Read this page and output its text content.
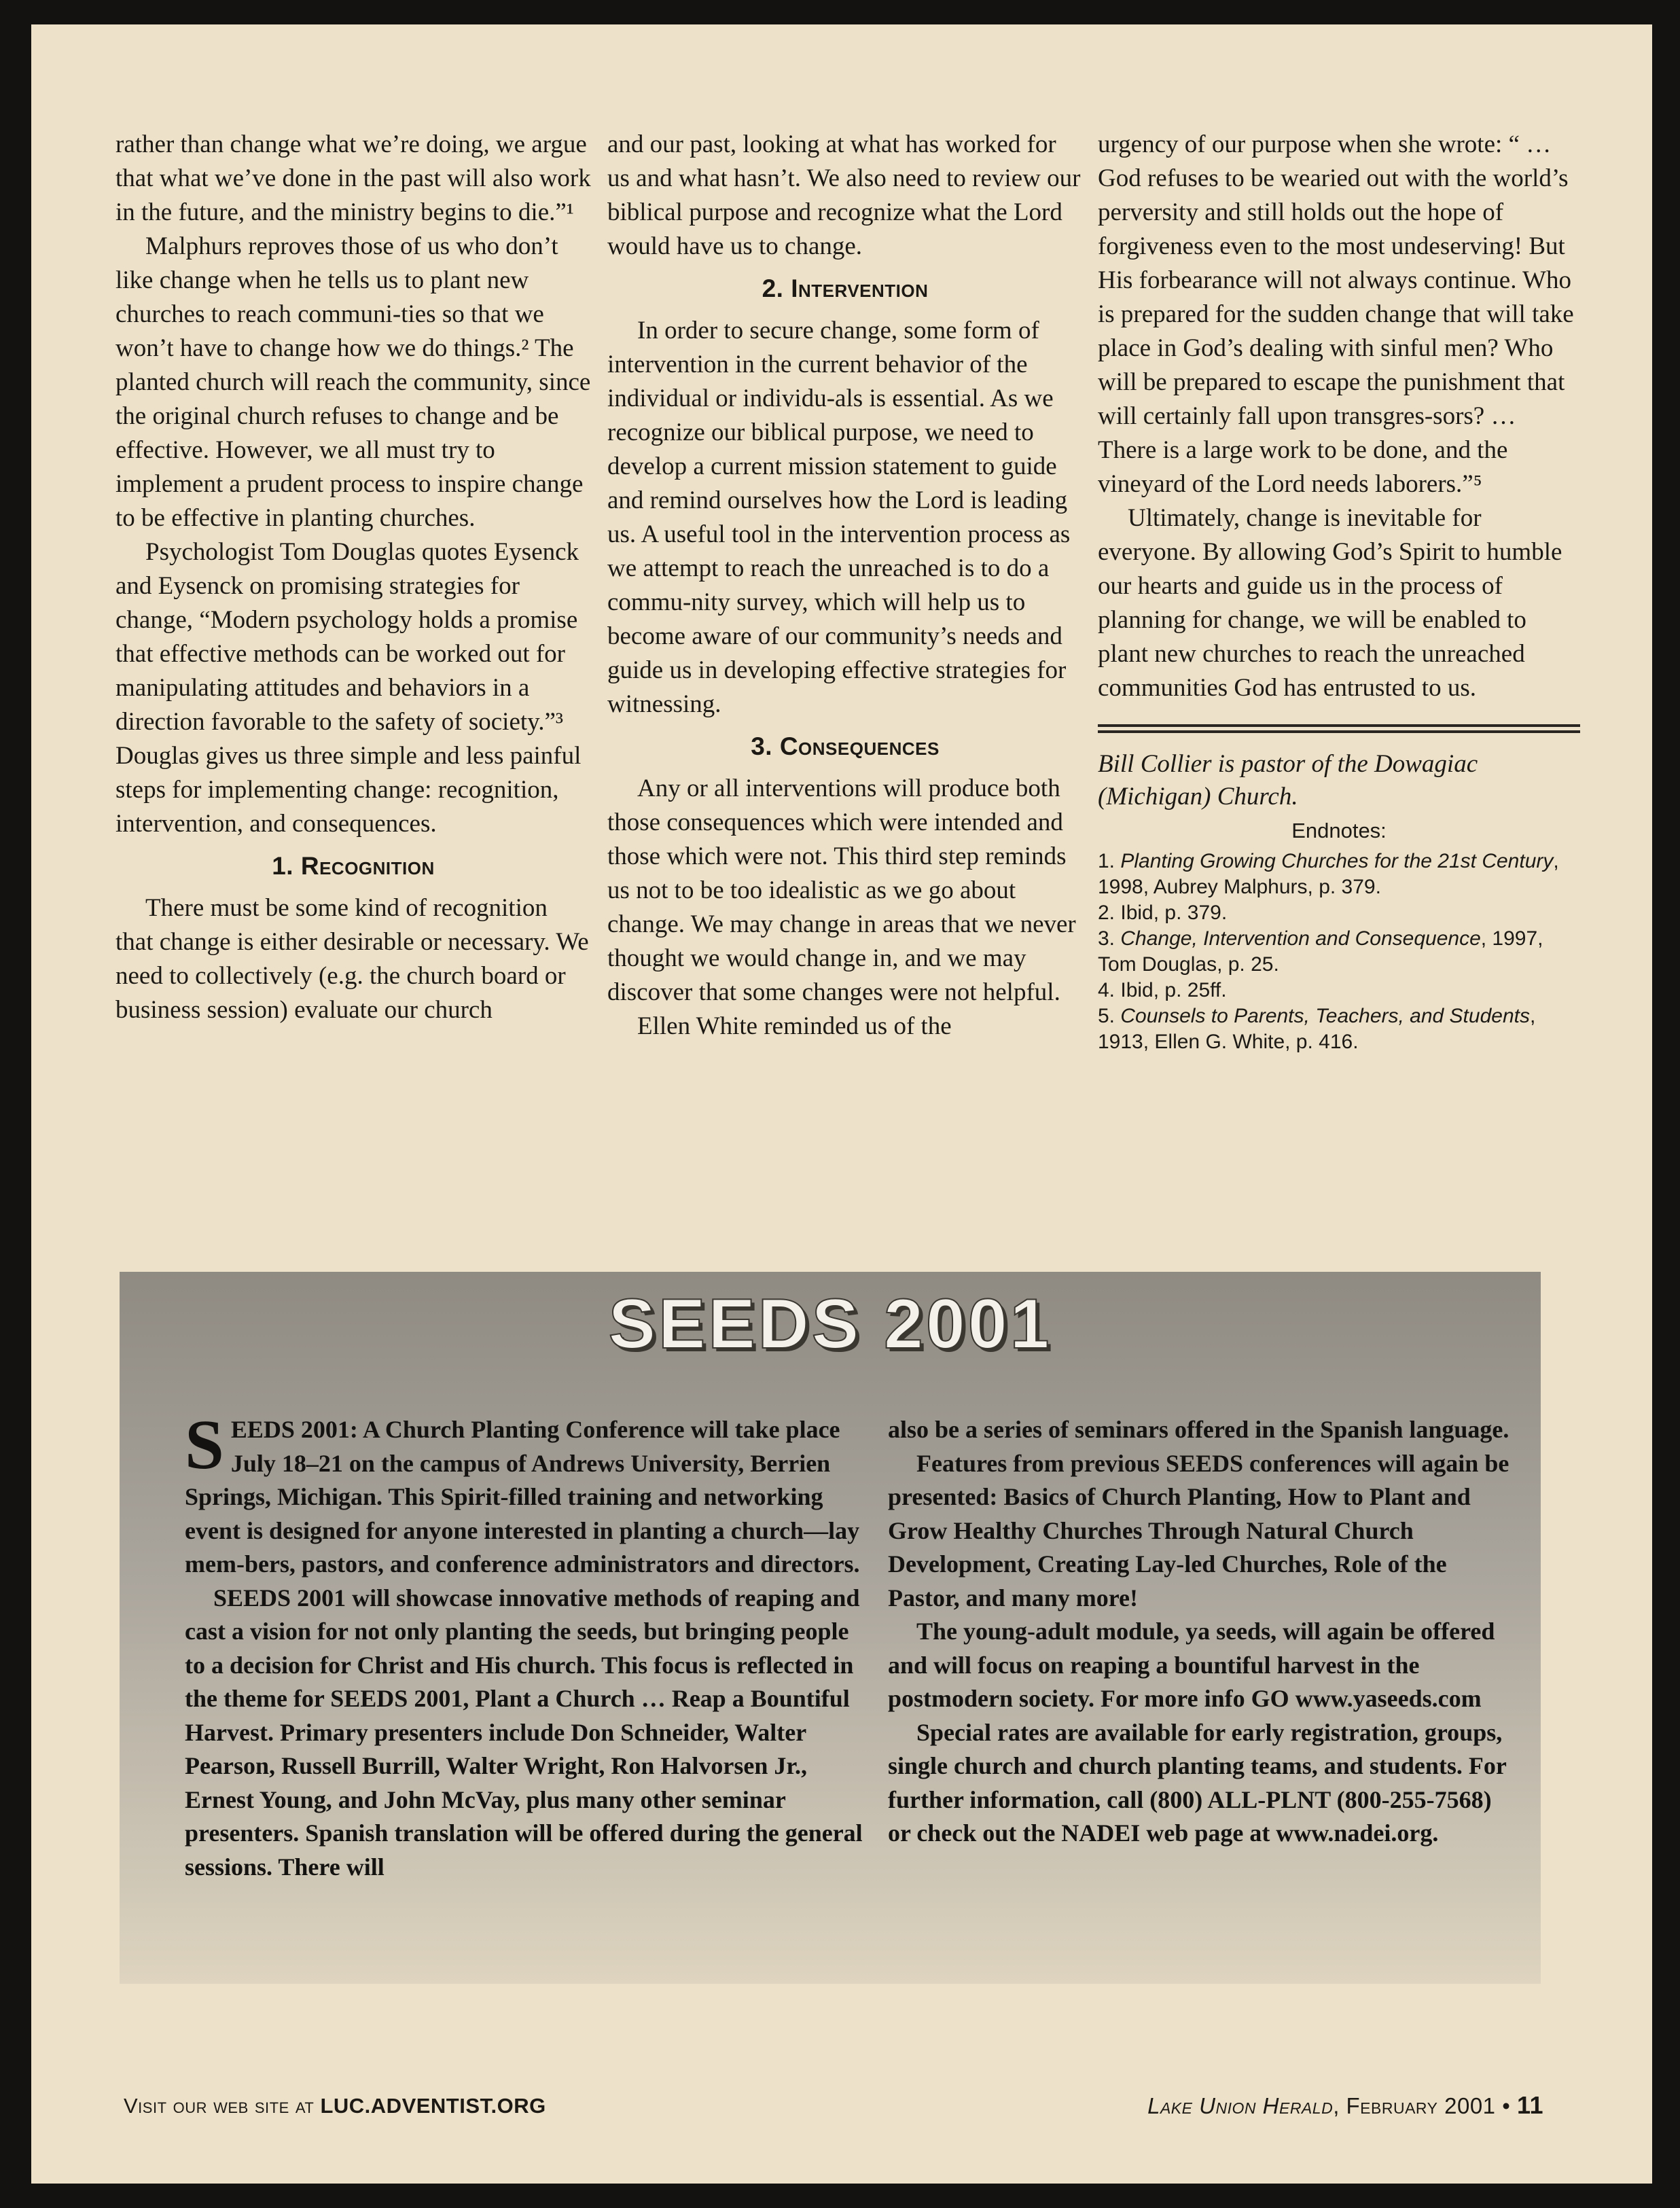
rather than change what we’re doing, we argue that what we’ve done in the past will also work in the future, and the ministry begins to die.”¹

Malphurs reproves those of us who don’t like change when he tells us to plant new churches to reach communi-ties so that we won’t have to change how we do things.² The planted church will reach the community, since the original church refuses to change and be effective. However, we all must try to implement a prudent process to inspire change to be effective in planting churches.

Psychologist Tom Douglas quotes Eysenck and Eysenck on promising strategies for change, “Modern psychology holds a promise that effective methods can be worked out for manipulating attitudes and behaviors in a direction favorable to the safety of society.”³ Douglas gives us three simple and less painful steps for implementing change: recognition, intervention, and consequences.

1. Recognition

There must be some kind of recognition that change is either desirable or necessary. We need to collectively (e.g. the church board or business session) evaluate our church

and our past, looking at what has worked for us and what hasn’t. We also need to review our biblical purpose and recognize what the Lord would have us to change.

2. Intervention

In order to secure change, some form of intervention in the current behavior of the individual or individu-als is essential. As we recognize our biblical purpose, we need to develop a current mission statement to guide and remind ourselves how the Lord is leading us. A useful tool in the intervention process as we attempt to reach the unreached is to do a commu-nity survey, which will help us to become aware of our community’s needs and guide us in developing effective strategies for witnessing.

3. Consequences

Any or all interventions will produce both those consequences which were intended and those which were not. This third step reminds us not to be too idealistic as we go about change. We may change in areas that we never thought we would change in, and we may discover that some changes were not helpful.

Ellen White reminded us of the

urgency of our purpose when she wrote: “ … God refuses to be wearied out with the world’s perversity and still holds out the hope of forgiveness even to the most undeserving! But His forbearance will not always continue. Who is prepared for the sudden change that will take place in God’s dealing with sinful men? Who will be prepared to escape the punishment that will certainly fall upon transgres-sors? … There is a large work to be done, and the vineyard of the Lord needs laborers.”⁵

Ultimately, change is inevitable for everyone. By allowing God’s Spirit to humble our hearts and guide us in the process of planning for change, we will be enabled to plant new churches to reach the unreached communities God has entrusted to us.

Bill Collier is pastor of the Dowagiac (Michigan) Church.

Endnotes:

1. Planting Growing Churches for the 21st Century, 1998, Aubrey Malphurs, p. 379.

2. Ibid, p. 379.

3. Change, Intervention and Consequence, 1997, Tom Douglas, p. 25.

4. Ibid, p. 25ff.

5. Counsels to Parents, Teachers, and Students, 1913, Ellen G. White, p. 416.

SEEDS 2001

SEEDS 2001: A Church Planting Conference will take place July 18–21 on the campus of Andrews University, Berrien Springs, Michigan. This Spirit-filled training and networking event is designed for anyone interested in planting a church—lay mem-bers, pastors, and conference administrators and directors.

SEEDS 2001 will showcase innovative methods of reaping and cast a vision for not only planting the seeds, but bringing people to a decision for Christ and His church. This focus is reflected in the theme for SEEDS 2001, Plant a Church … Reap a Bountiful Harvest. Primary presenters include Don Schneider, Walter Pearson, Russell Burrill, Walter Wright, Ron Halvorsen Jr., Ernest Young, and John McVay, plus many other seminar presenters. Spanish translation will be offered during the general sessions. There will

also be a series of seminars offered in the Spanish language.

Features from previous SEEDS conferences will again be presented: Basics of Church Planting, How to Plant and Grow Healthy Churches Through Natural Church Development, Creating Lay-led Churches, Role of the Pastor, and many more!

The young-adult module, ya seeds, will again be offered and will focus on reaping a bountiful harvest in the postmodern society. For more info GO www.yaseeds.com

Special rates are available for early registration, groups, single church and church planting teams, and students. For further information, call (800) ALL-PLNT (800-255-7568) or check out the NADEI web page at www.nadei.org.

Visit our web site at LUC.ADVENTIST.ORG	Lake Union Herald, February 2001 • 11
